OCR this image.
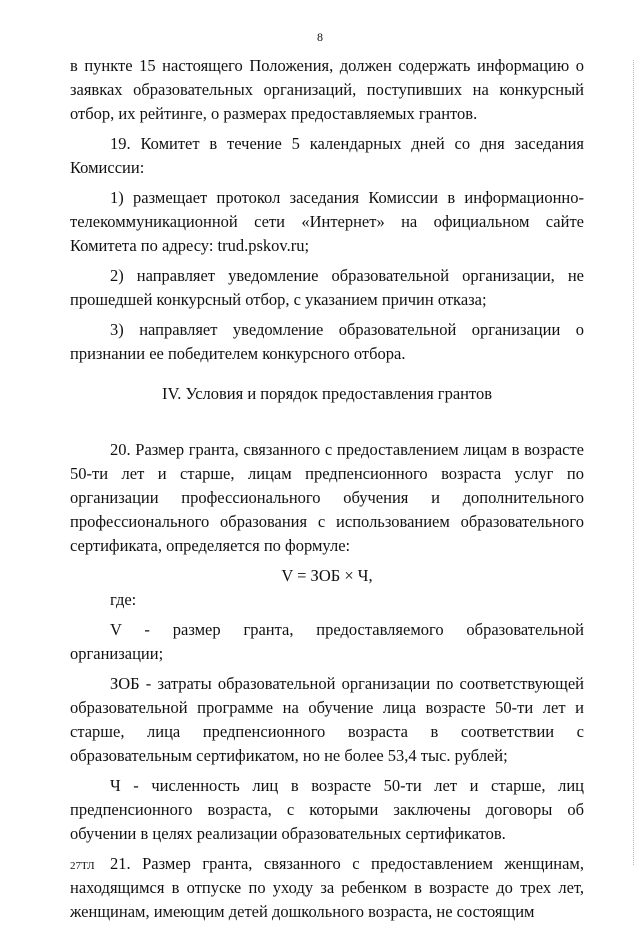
8

в пункте 15 настоящего Положения, должен содержать информацию о заявках образовательных организаций, поступивших на конкурсный отбор, их рейтинге, о размерах предоставляемых грантов.

19. Комитет в течение 5 календарных дней со дня заседания Комиссии:

1) размещает протокол заседания Комиссии в информационно-телекоммуникационной сети «Интернет» на официальном сайте Комитета по адресу: trud.pskov.ru;

2) направляет уведомление образовательной организации, не прошедшей конкурсный отбор, с указанием причин отказа;

3) направляет уведомление образовательной организации о признании ее победителем конкурсного отбора.

IV. Условия и порядок предоставления грантов

20. Размер гранта, связанного с предоставлением лицам в возрасте 50-ти лет и старше, лицам предпенсионного возраста услуг по организации профессионального обучения и дополнительного профессионального образования с использованием образовательного сертификата, определяется по формуле:

V = ЗОБ × Ч,

где:

V - размер гранта, предоставляемого образовательной организации;

ЗОБ - затраты образовательной организации по соответствующей образовательной программе на обучение лица возрасте 50-ти лет и старше, лица предпенсионного возраста в соответствии с образовательным сертификатом, но не более 53,4 тыс. рублей;

Ч - численность лиц в возрасте 50-ти лет и старше, лиц предпенсионного возраста, с которыми заключены договоры об обучении в целях реализации образовательных сертификатов.

21. Размер гранта, связанного с предоставлением женщинам, находящимся в отпуске по уходу за ребенком в возрасте до трех лет, женщинам, имеющим детей дошкольного возраста, не состоящим

27ТЛ
